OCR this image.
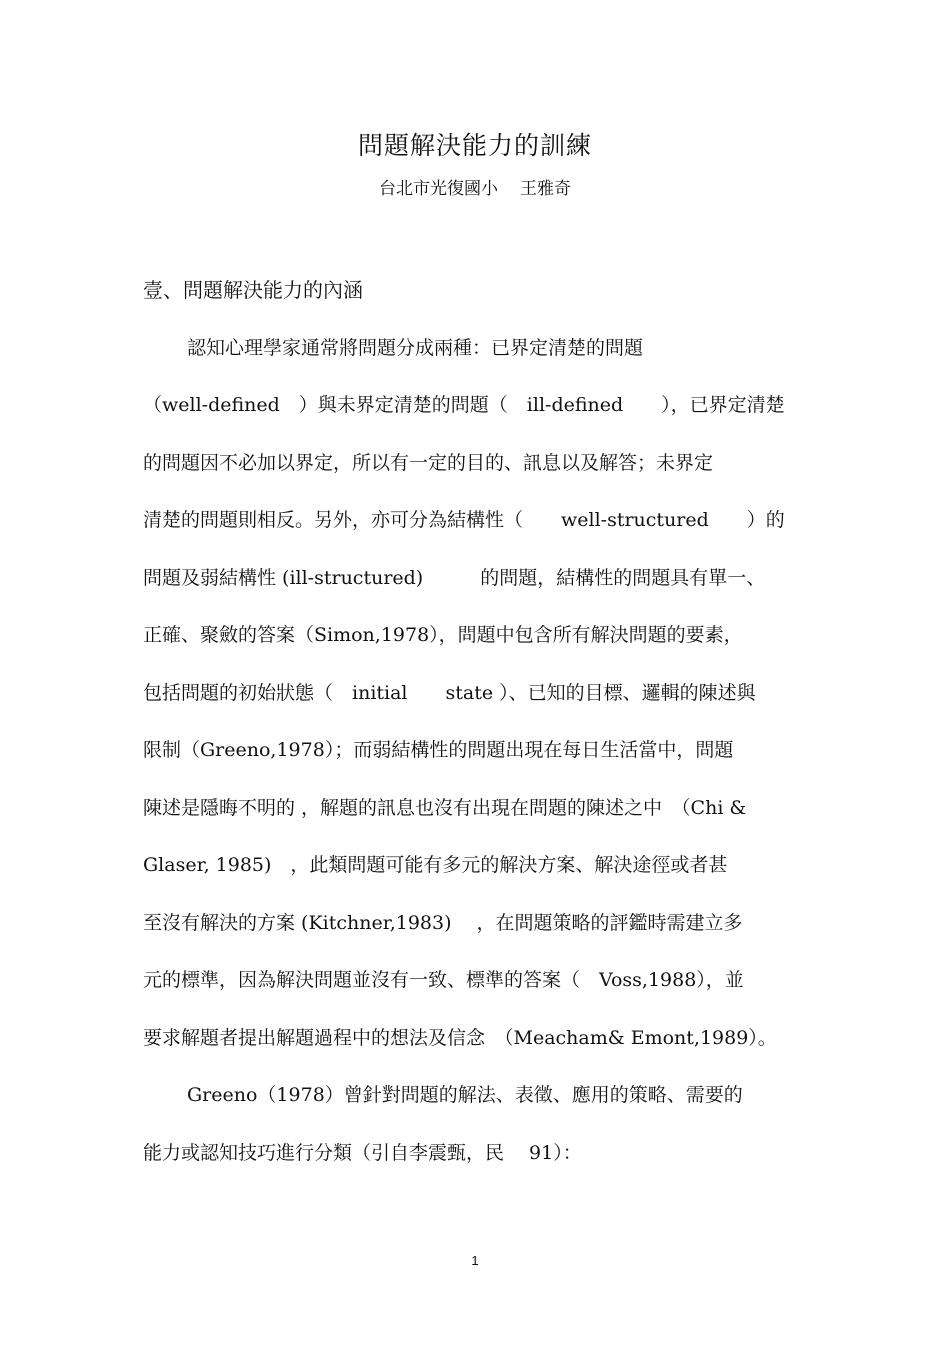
問題解決能力的訓練
台北市光復國小 王雅奇
壹、問題解決能力的內涵
認知心理學家通常將問題分成兩種：已界定清楚的問題
（well-defined　）與未界定清楚的問題（　ill-defined　　），已界定清楚
的問題因不必加以界定，所以有一定的目的、訊息以及解答；未界定
清楚的問題則相反。另外，亦可分為結構性（　　well-structured　　）的
問題及弱結構性 (ill-structured)　　　的問題，結構性的問題具有單一、
正確、聚斂的答案（Simon,1978），問題中包含所有解決問題的要素，
包括問題的初始狀態（　initial　　state ）、已知的目標、邏輯的陳述與
限制（Greeno,1978）；而弱結構性的問題出現在每日生活當中，問題
陳述是隱晦不明的 ，解題的訊息也沒有出現在問題的陳述之中　（Chi &
Glaser, 1985)　，此類問題可能有多元的解決方案、解決途徑或者甚
至沒有解決的方案 (Kitchner,1983)　 ，在問題策略的評鑑時需建立多
元的標準，因為解決問題並沒有一致、標準的答案（　Voss,1988），並
要求解題者提出解題過程中的想法及信念　（Meacham& Emont,1989）。
Greeno（1978）曾針對問題的解法、表徵、應用的策略、需要的
能力或認知技巧進行分類（引自李震甄，民　 91）：
1
